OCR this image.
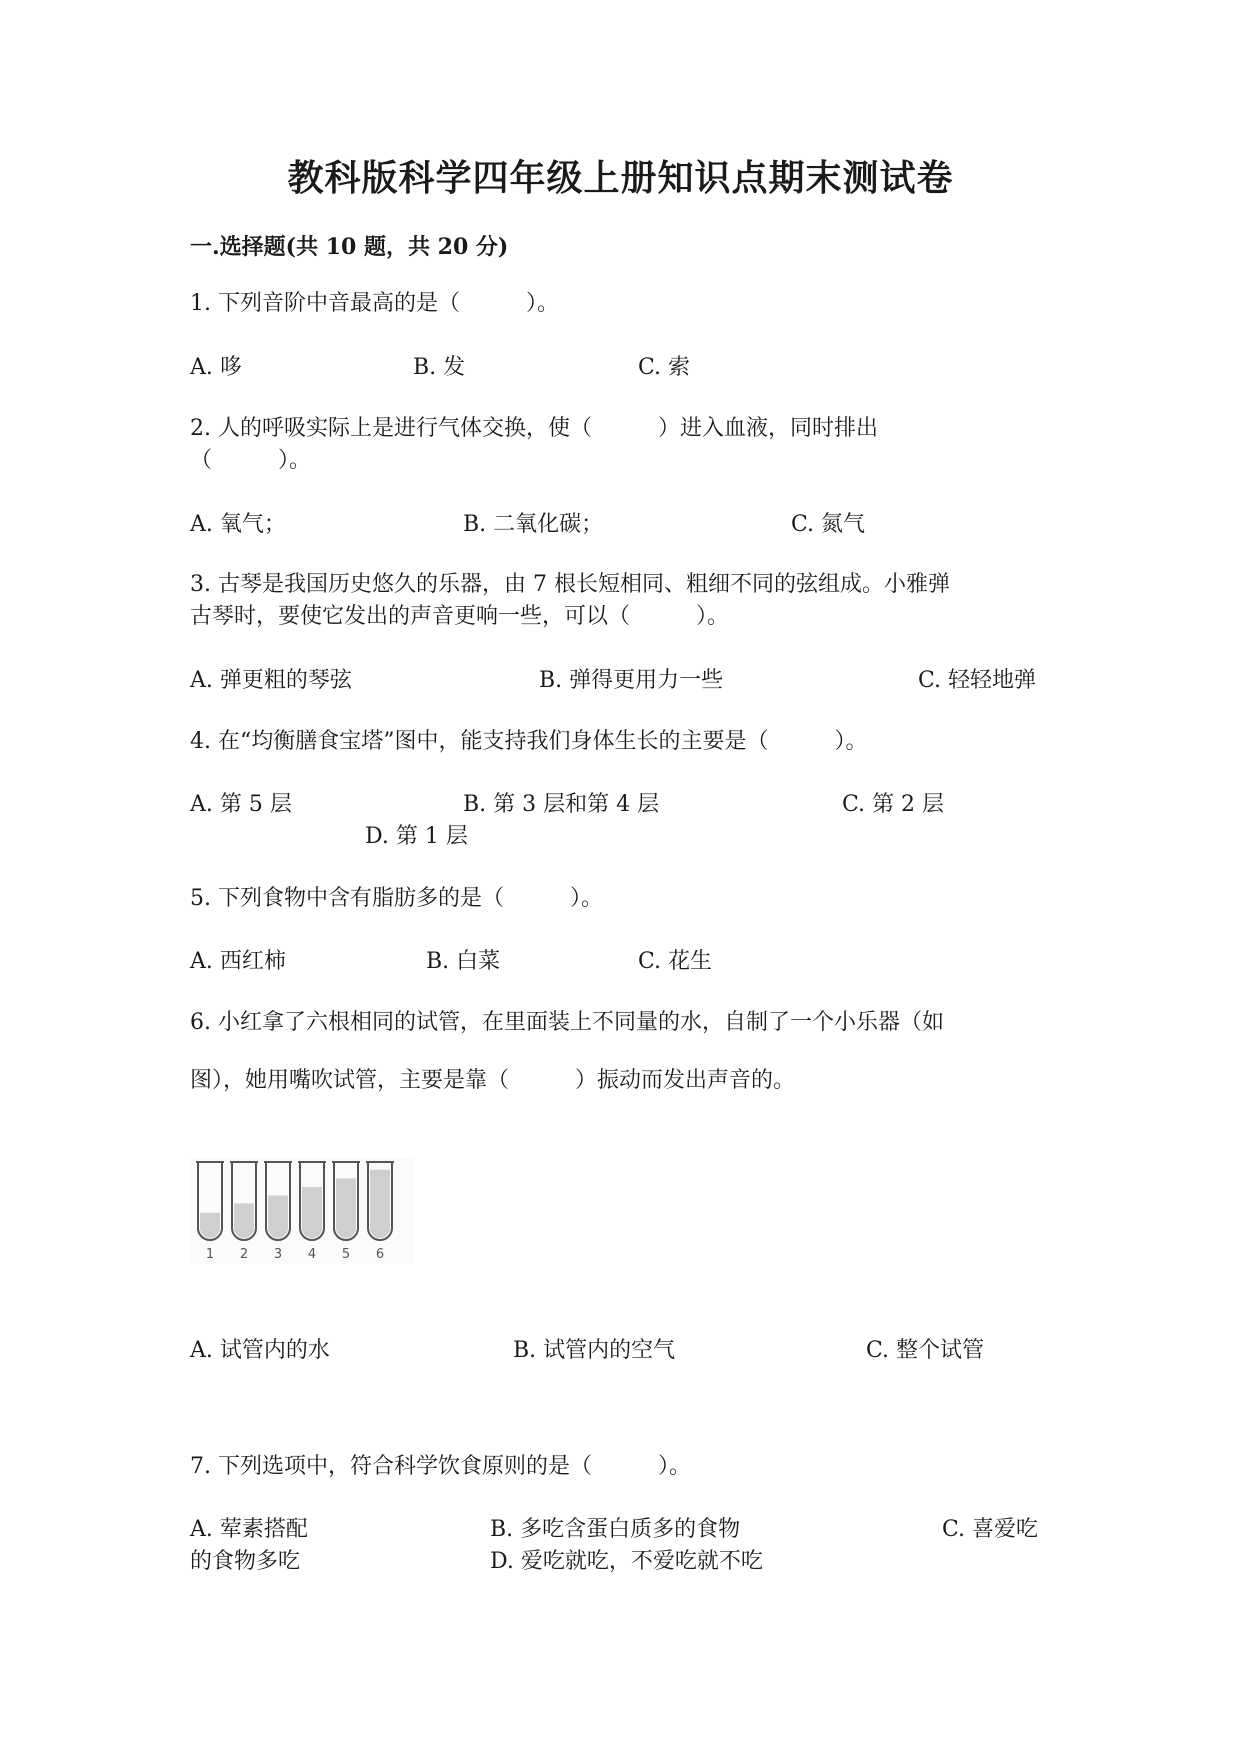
教科版科学四年级上册知识点期末测试卷
一.选择题(共 10 题，共 20 分)
1. 下列音阶中音最高的是（　　　）。
A. 哆	B. 发	C. 索
2. 人的呼吸实际上是进行气体交换，使（　　　）进入血液，同时排出
（　　　）。
A. 氧气；	B. 二氧化碳；	C. 氮气
3. 古琴是我国历史悠久的乐器，由 7 根长短相同、粗细不同的弦组成。小雅弹
古琴时，要使它发出的声音更响一些，可以（　　　）。
A. 弹更粗的琴弦	B. 弹得更用力一些	C. 轻轻地弹
4. 在“均衡膳食宝塔”图中，能支持我们身体生长的主要是（　　　）。
A. 第 5 层	B. 第 3 层和第 4 层	C. 第 2 层
D. 第 1 层
5. 下列食物中含有脂肪多的是（　　　）。
A. 西红柿	B. 白菜	C. 花生
6. 小红拿了六根相同的试管，在里面装上不同量的水，自制了一个小乐器（如
图），她用嘴吹试管，主要是靠（　　　）振动而发出声音的。
1 2 3 4 5 6
A. 试管内的水	B. 试管内的空气	C. 整个试管
7. 下列选项中，符合科学饮食原则的是（　　　）。
A. 荤素搭配	B. 多吃含蛋白质多的食物	C. 喜爱吃
的食物多吃	D. 爱吃就吃，不爱吃就不吃
